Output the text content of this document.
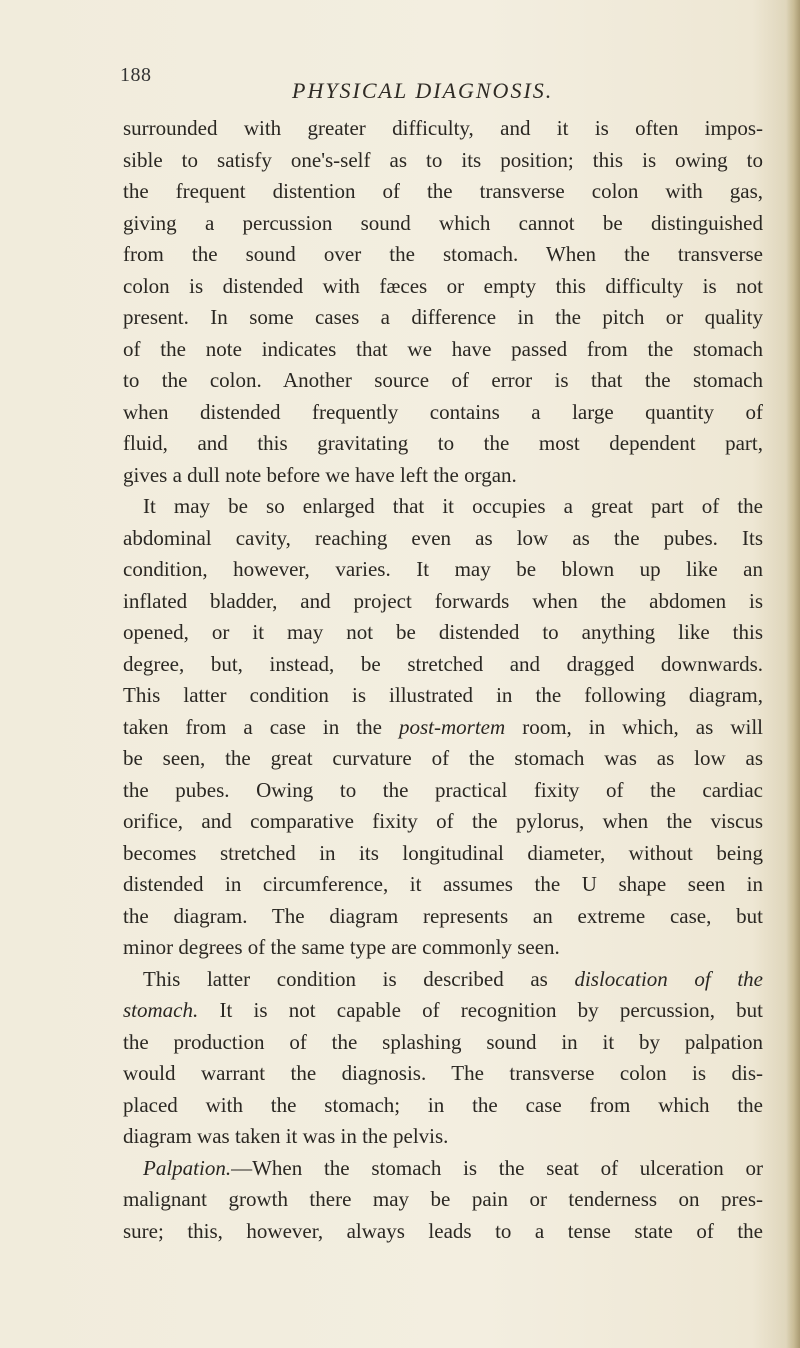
188
PHYSICAL DIAGNOSIS.
surrounded with greater difficulty, and it is often impos-
sible to satisfy one's-self as to its position; this is owing to
the frequent distention of the transverse colon with gas,
giving a percussion sound which cannot be distinguished
from the sound over the stomach. When the transverse
colon is distended with fæces or empty this difficulty is not
present. In some cases a difference in the pitch or quality
of the note indicates that we have passed from the stomach
to the colon. Another source of error is that the stomach
when distended frequently contains a large quantity of
fluid, and this gravitating to the most dependent part,
gives a dull note before we have left the organ.
It may be so enlarged that it occupies a great part of the
abdominal cavity, reaching even as low as the pubes. Its
condition, however, varies. It may be blown up like an
inflated bladder, and project forwards when the abdomen is
opened, or it may not be distended to anything like this
degree, but, instead, be stretched and dragged downwards.
This latter condition is illustrated in the following diagram,
taken from a case in the post-mortem room, in which, as will
be seen, the great curvature of the stomach was as low as
the pubes. Owing to the practical fixity of the cardiac
orifice, and comparative fixity of the pylorus, when the viscus
becomes stretched in its longitudinal diameter, without being
distended in circumference, it assumes the U shape seen in
the diagram. The diagram represents an extreme case, but
minor degrees of the same type are commonly seen.
This latter condition is described as dislocation of the
stomach. It is not capable of recognition by percussion, but
the production of the splashing sound in it by palpation
would warrant the diagnosis. The transverse colon is dis-
placed with the stomach; in the case from which the
diagram was taken it was in the pelvis.
Palpation.—When the stomach is the seat of ulceration or
malignant growth there may be pain or tenderness on pres-
sure; this, however, always leads to a tense state of the
